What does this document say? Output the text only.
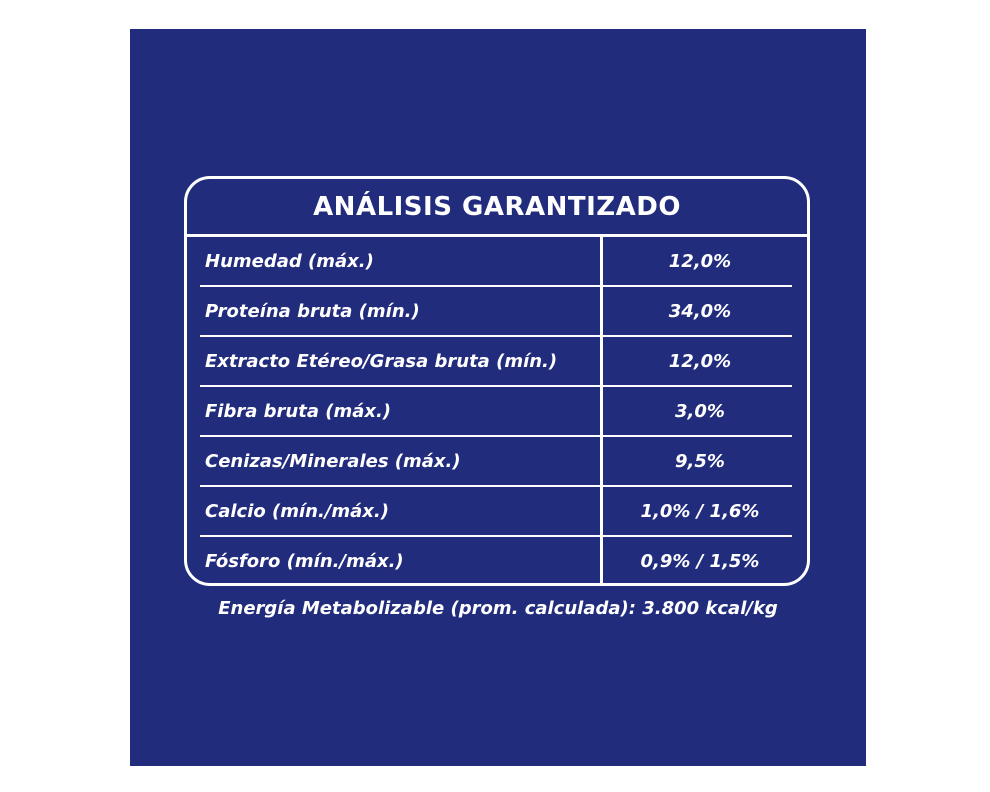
ANÁLISIS GARANTIZADO
Humedad (máx.)	12,0%
Proteína bruta (mín.)	34,0%
Extracto Etéreo/Grasa bruta (mín.)	12,0%
Fibra bruta (máx.)	3,0%
Cenizas/Minerales (máx.)	9,5%
Calcio (mín./máx.)	1,0% / 1,6%
Fósforo (mín./máx.)	0,9% / 1,5%
Energía Metabolizable (prom. calculada): 3.800 kcal/kg
